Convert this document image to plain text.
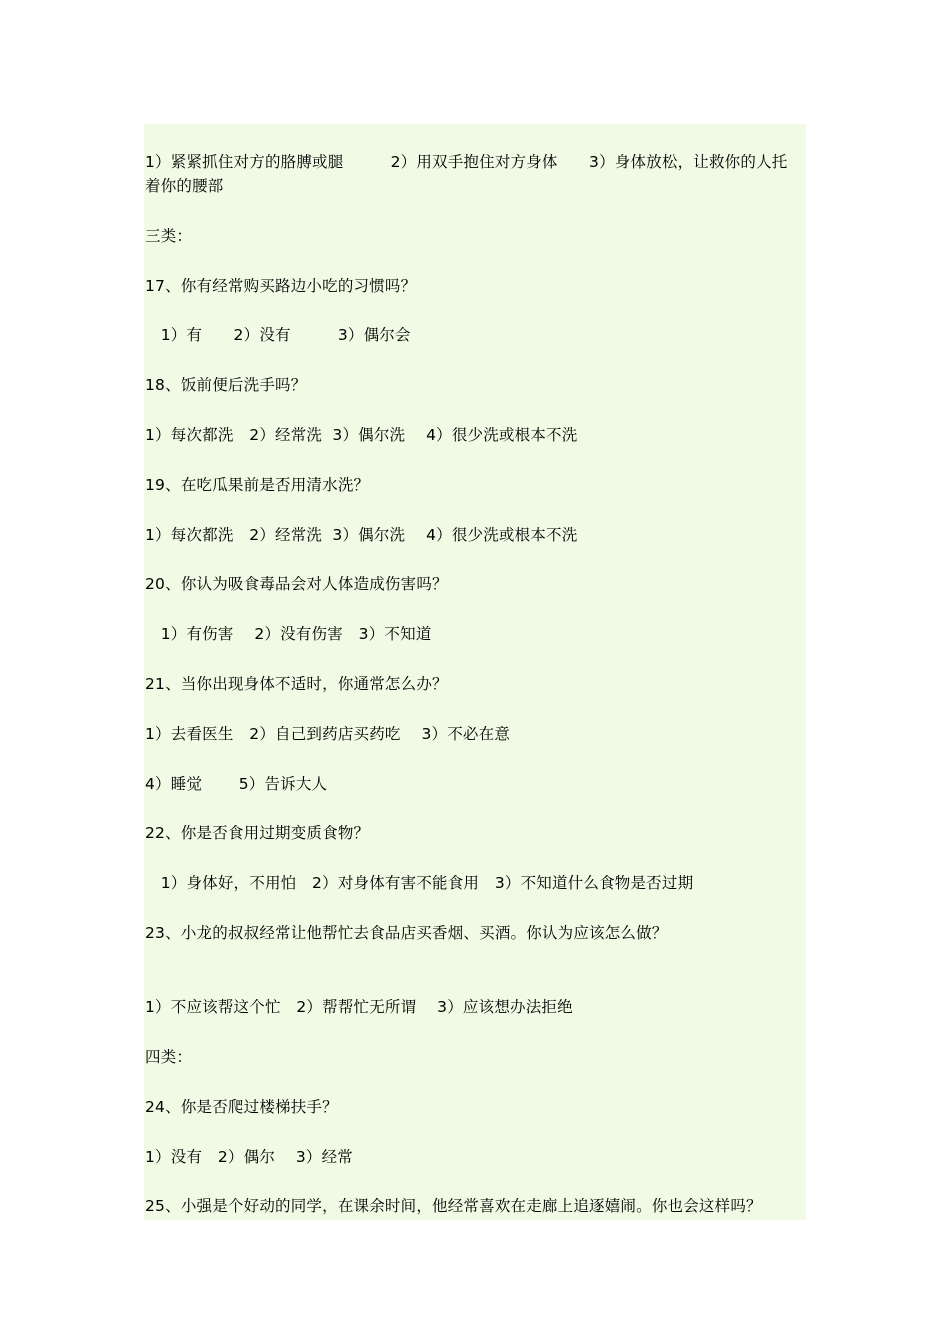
1）紧紧抓住对方的胳膊或腿　　　2）用双手抱住对方身体　　3）身体放松，让救你的人托
着你的腰部
三类：
17、你有经常购买路边小吃的习惯吗？
　1）有　　2）没有　　　3）偶尔会
18、饭前便后洗手吗？
1）每次都洗　2）经常洗  3）偶尔洗　 4）很少洗或根本不洗
19、在吃瓜果前是否用清水洗？
1）每次都洗　2）经常洗  3）偶尔洗　 4）很少洗或根本不洗
20、你认为吸食毒品会对人体造成伤害吗？
　1）有伤害　 2）没有伤害　3）不知道
21、当你出现身体不适时，你通常怎么办？
1）去看医生　2）自己到药店买药吃　 3）不必在意
4）睡觉　　 5）告诉大人
22、你是否食用过期变质食物？
　1）身体好，不用怕　2）对身体有害不能食用　3）不知道什么食物是否过期
23、小龙的叔叔经常让他帮忙去食品店买香烟、买酒。你认为应该怎么做？
1）不应该帮这个忙　2）帮帮忙无所谓　 3）应该想办法拒绝
四类：
24、你是否爬过楼梯扶手？
1）没有　2）偶尔　 3）经常
25、小强是个好动的同学，在课余时间，他经常喜欢在走廊上追逐嬉闹。你也会这样吗？
